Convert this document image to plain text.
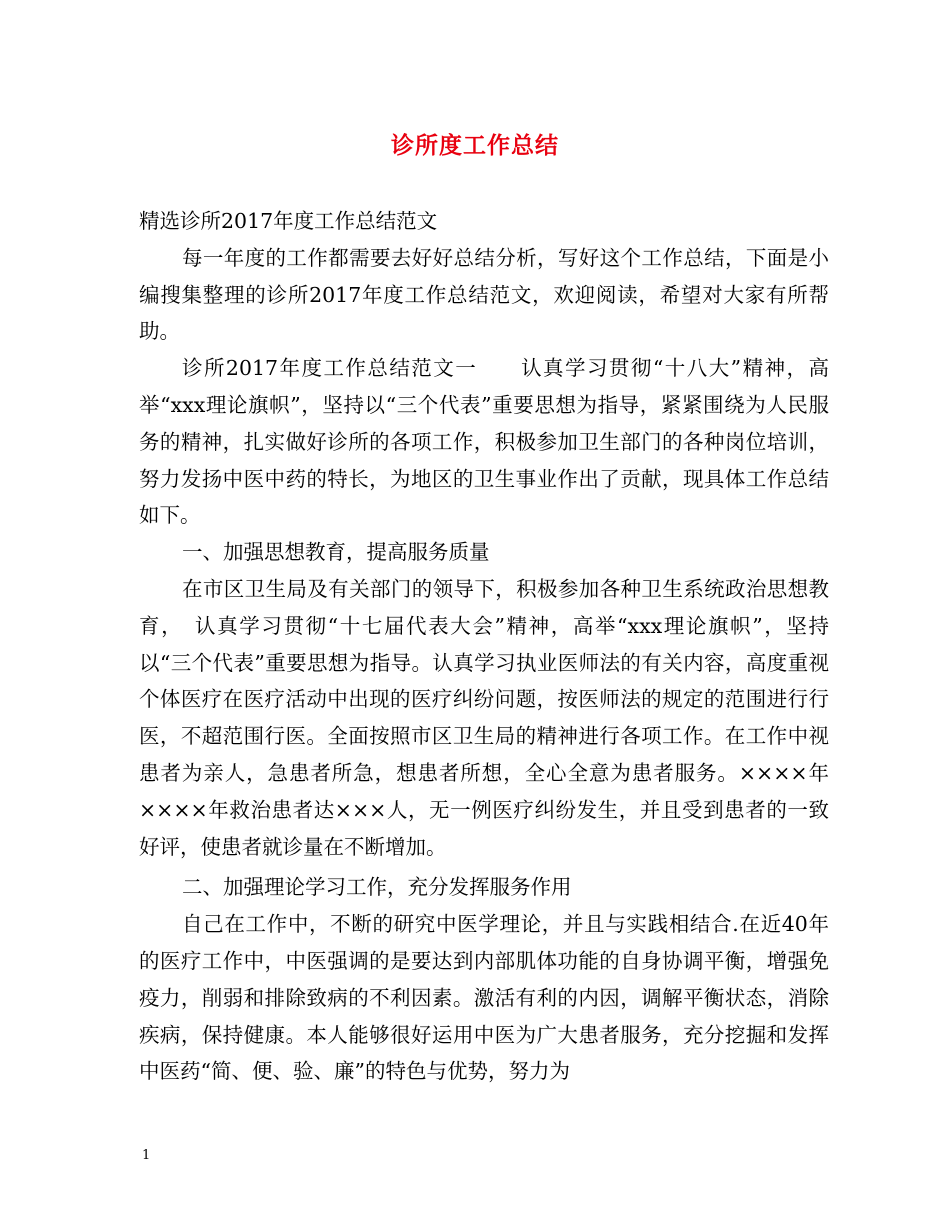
诊所度工作总结

精选诊所2017年度工作总结范文

每一年度的工作都需要去好好总结分析，写好这个工作总结，下面是小编搜集整理的诊所2017年度工作总结范文，欢迎阅读，希望对大家有所帮助。

诊所2017年度工作总结范文一　　认真学习贯彻“十八大”精神，高举“xxx理论旗帜”，坚持以“三个代表”重要思想为指导，紧紧围绕为人民服务的精神，扎实做好诊所的各项工作，积极参加卫生部门的各种岗位培训，努力发扬中医中药的特长，为地区的卫生事业作出了贡献，现具体工作总结如下。

一、加强思想教育，提高服务质量

在市区卫生局及有关部门的领导下，积极参加各种卫生系统政治思想教育，　认真学习贯彻“十七届代表大会”精神，高举“xxx理论旗帜”，坚持以“三个代表”重要思想为指导。认真学习执业医师法的有关内容，高度重视个体医疗在医疗活动中出现的医疗纠纷问题，按医师法的规定的范围进行行医，不超范围行医。全面按照市区卫生局的精神进行各项工作。在工作中视患者为亲人，急患者所急，想患者所想，全心全意为患者服务。××××年××××年救治患者达×××人，无一例医疗纠纷发生，并且受到患者的一致好评，使患者就诊量在不断增加。

二、加强理论学习工作，充分发挥服务作用

自己在工作中，不断的研究中医学理论，并且与实践相结合.在近40年的医疗工作中，中医强调的是要达到内部肌体功能的自身协调平衡，增强免疫力，削弱和排除致病的不利因素。激活有利的内因，调解平衡状态，消除疾病，保持健康。本人能够很好运用中医为广大患者服务，充分挖掘和发挥中医药“简、便、验、廉”的特色与优势，努力为

1
